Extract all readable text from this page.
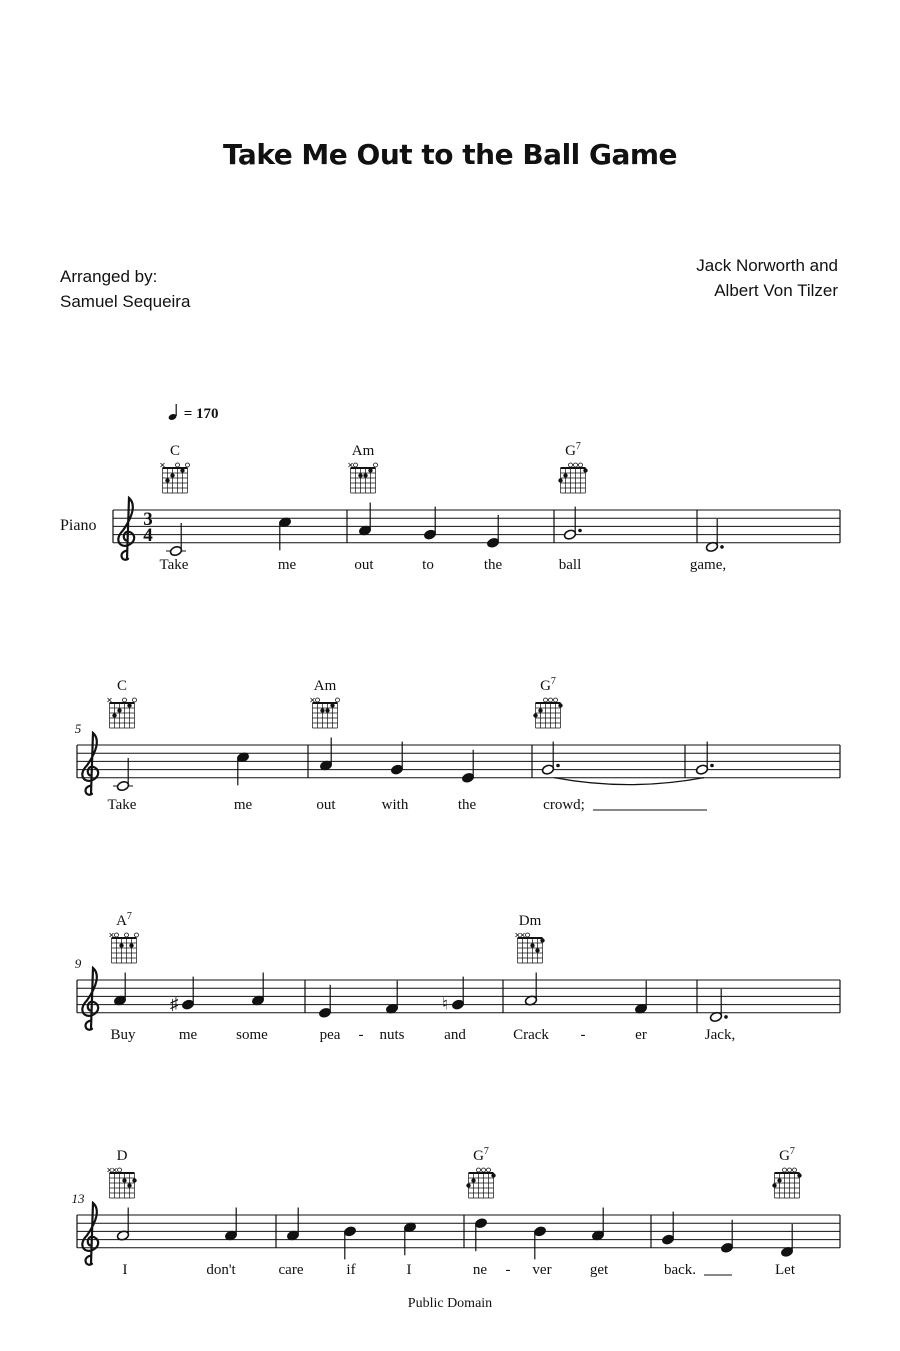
Take Me Out to the Ball Game
Arranged by:
Samuel Sequeira
Jack Norworth and
Albert Von Tilzer
= 170
3
4
Piano
C	Am	$G^7$
Take	me	out	to	the	ball	game,
5
C	Am	$G^7$
Take	me	out	with	the	crowd;
9
$A^7$	Dm
♯	♮
Buy	me	some	pea - nuts	and	Crack -	er	Jack,
13
D	$G^7$	$G^7$
I	don't	care	if	I	ne - ver	get	back.	Let
Public Domain
